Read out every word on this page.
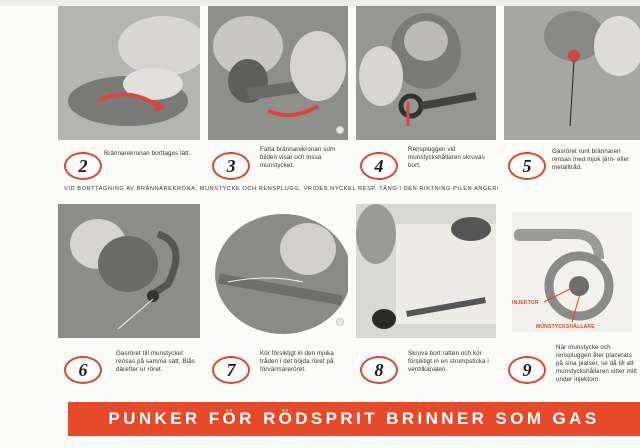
2
Brännarekronan borttages lätt.
3
Fatta brännarekronan som bilden visar och lossa munstycket.	4
Renspluggen vid munstyckshållaren skruvas bort.	5
Gasröret runt brännaren rensas med mjuk järn- eller metalltråd.
VID BORTTAGNING AV BRÄNNAREKRONA, MUNSTYCKE OCH RENSPLUGG, VRIDES NYCKEL RESP. TÅNG I DEN RIKTNING PILEN ANGER!
INJEKTOR
MUNSTYCKSHÅLLARE
6
Gasröret till munstycket rensas på samma sätt. Blås därefter ur röret.	7
Kör försiktigt in den mjuka tråden i det böjda röret på förvärmareröret.	8
Skruva bort ratten och kör försiktigt in en strumpsticka i ventilkanalen.	9
När munstycke och renspluggen åter placerats på sina platser, se då till att munstyckshållaren sitter mitt under injektorn.
PUNKER FÖR RÖDSPRIT BRINNER SOM GAS
